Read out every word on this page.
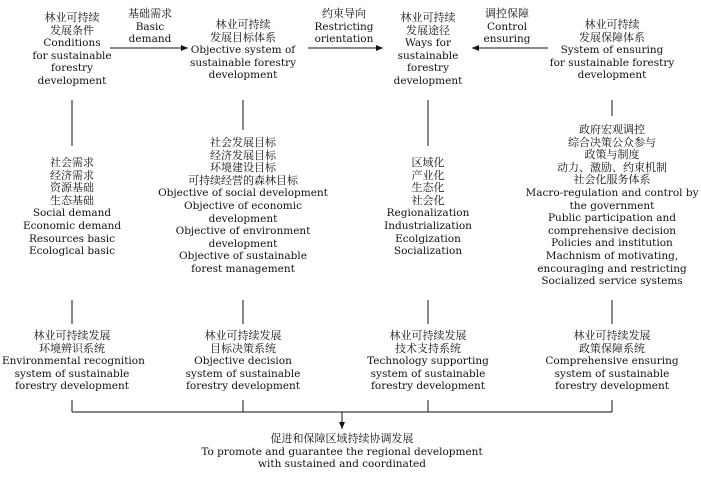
林业可持续
发展条件
Conditions
for sustainable
forestry
development
林业可持续
发展目标体系
Objective system of
sustainable forestry
development
林业可持续
发展途径
Ways for
sustainable
forestry
development
林业可持续
发展保障体系
System of ensuring
for sustainable forestry
development
基础需求
Basic
demand
约束导向
Restricting
orientation
调控保障
Control
ensuring
社会需求
经济需求
资源基础
生态基础
Social demand
Economic demand
Resources basic
Ecological basic
社会发展目标
经济发展目标
环境建设目标
可持续经营的森林目标
Objective of social development
Objective of economic
development
Objective of environment
development
Objective of sustainable
forest management
区域化
产业化
生态化
社会化
Regionalization
Industrialization
Ecolgization
Socialization
政府宏观调控
综合决策公众参与
政策与制度
动力、激励、约束机制
社会化服务体系
Macro-regulation and control by
the government
Public participation and
comprehensive decision
Policies and institution
Machnism of motivating,
encouraging and restricting
Socialized service systems
林业可持续发展
环境辨识系统
Environmental recognition
system of sustainable
forestry development
林业可持续发展
目标决策系统
Objective decision
system of sustainable
forestry development
林业可持续发展
技术支持系统
Technology supporting
system of sustainable
forestry development
林业可持续发展
政策保障系统
Comprehensive ensuring
system of sustainable
forestry development
促进和保障区域持续协调发展
To promote and guarantee the regional development
with sustained and coordinated
